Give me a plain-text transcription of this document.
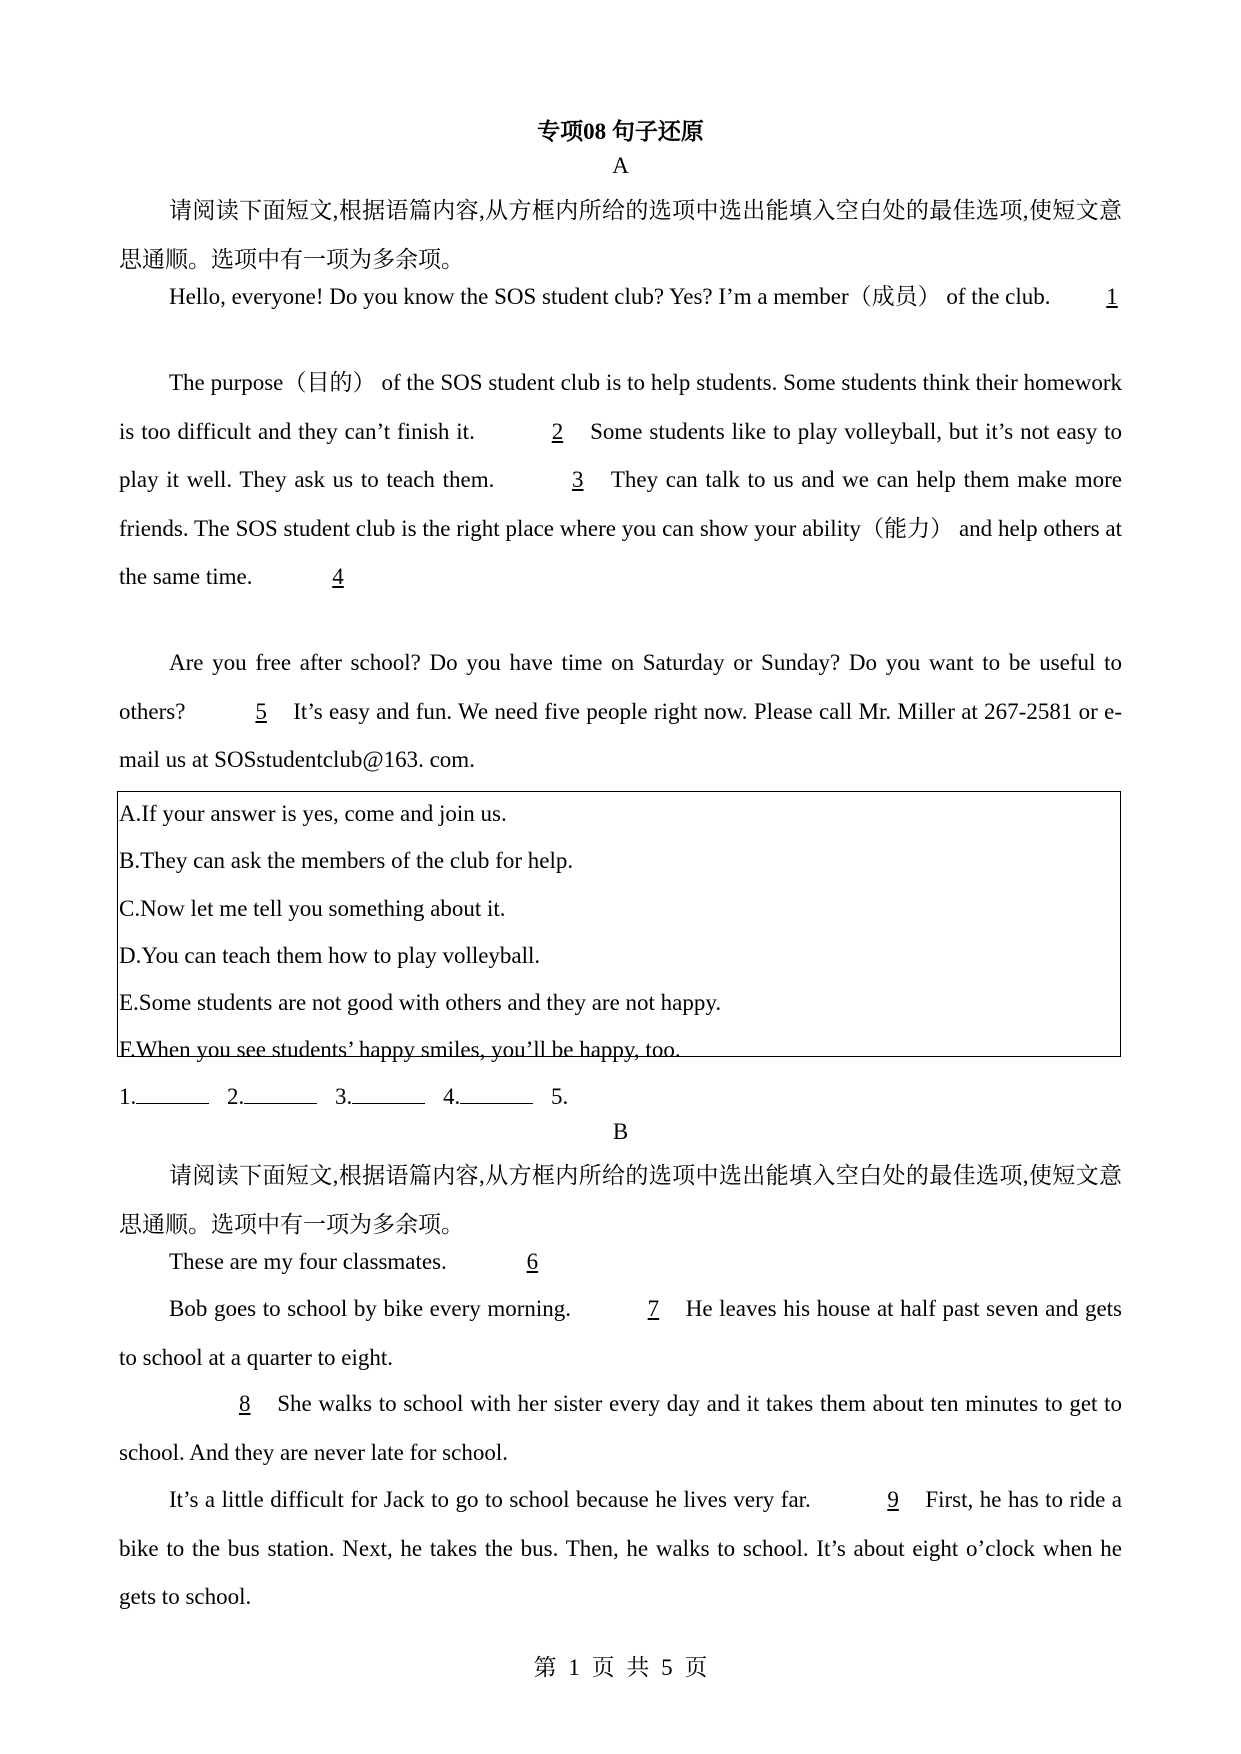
专项08 句子还原
A
请阅读下面短文,根据语篇内容,从方框内所给的选项中选出能填入空白处的最佳选项,使短文意思通顺。选项中有一项为多余项。
Hello, everyone! Do you know the SOS student club? Yes? I’m a member（成员） of the club. 1
The purpose（目的） of the SOS student club is to help students. Some students think their homework is too difficult and they can’t finish it.	2 Some students like to play volleyball, but it’s not easy to play it well. They ask us to teach them.	3 They can talk to us and we can help them make more friends. The SOS student club is the right place where you can show your ability（能力） and help others at the same time.	4
Are you free after school? Do you have time on Saturday or Sunday? Do you want to be useful to others?	5 It’s easy and fun. We need five people right now. Please call Mr. Miller at 267-2581 or e-mail us at SOSstudentclub@163. com.
A.If your answer is yes, come and join us.
B.They can ask the members of the club for help.
C.Now let me tell you something about it.
D.You can teach them how to play volleyball.
E.Some students are not good with others and they are not happy.
F.When you see students’ happy smiles, you’ll be happy, too.
1.	2.	3.	4.	5.
B
请阅读下面短文,根据语篇内容,从方框内所给的选项中选出能填入空白处的最佳选项,使短文意思通顺。选项中有一项为多余项。
These are my four classmates.	6
Bob goes to school by bike every morning.	7 He leaves his house at half past seven and gets to school at a quarter to eight.
8 She walks to school with her sister every day and it takes them about ten minutes to get to school. And they are never late for school.
It’s a little difficult for Jack to go to school because he lives very far.	9 First, he has to ride a bike to the bus station. Next, he takes the bus. Then, he walks to school. It’s about eight o’clock when he gets to school.
第 1 页 共 5 页
